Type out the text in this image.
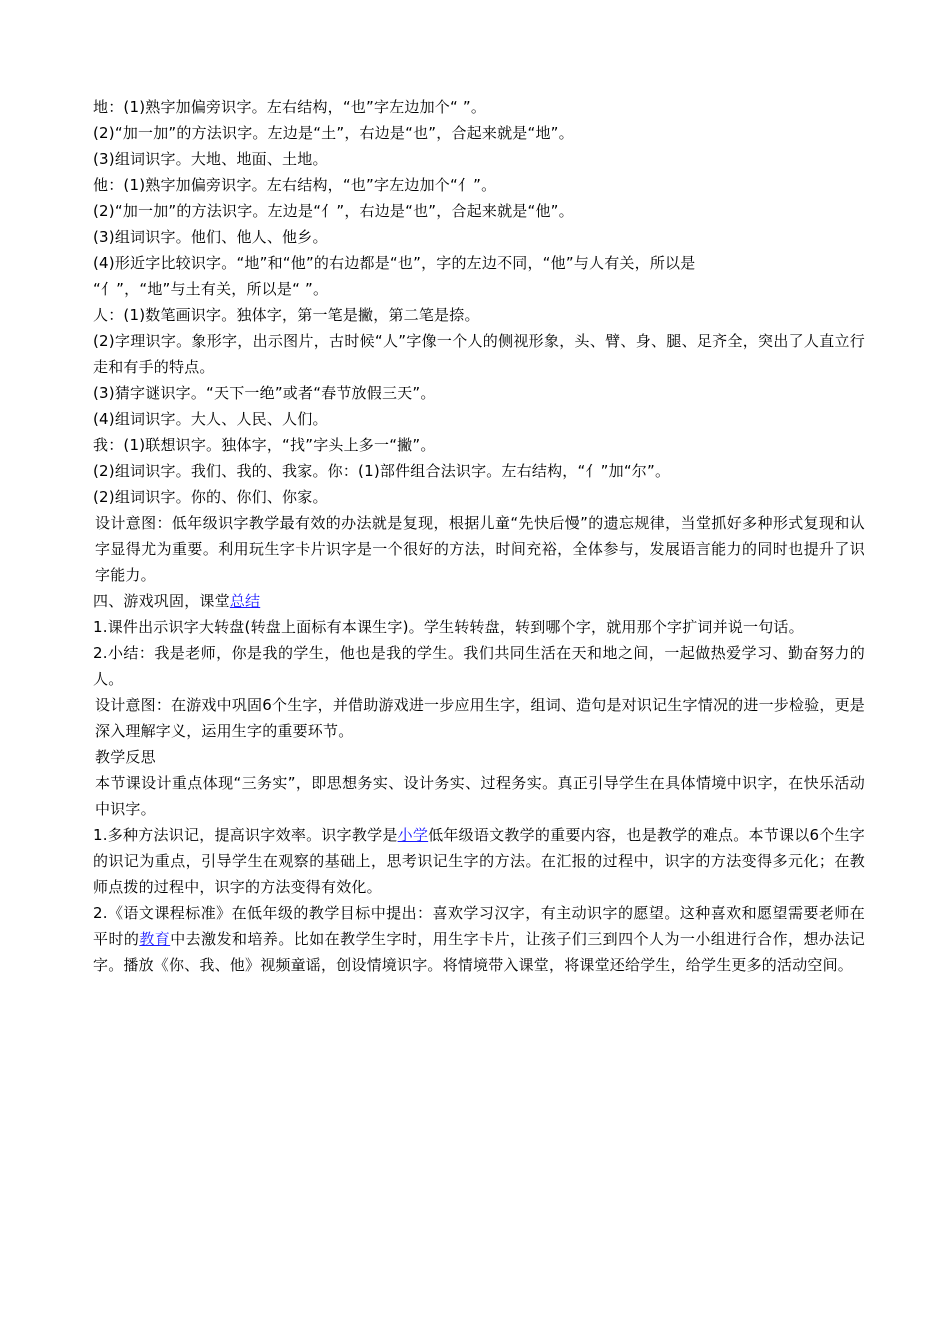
地：(1)熟字加偏旁识字。左右结构，“也”字左边加个“ ”。
(2)“加一加”的方法识字。左边是“土”，右边是“也”，合起来就是“地”。
(3)组词识字。大地、地面、土地。
他：(1)熟字加偏旁识字。左右结构，“也”字左边加个“亻”。
(2)“加一加”的方法识字。左边是“亻”，右边是“也”，合起来就是“他”。
(3)组词识字。他们、他人、他乡。
(4)形近字比较识字。“地”和“他”的右边都是“也”，字的左边不同，“他”与人有关，所以是
“亻”，“地”与土有关，所以是“ ”。
人：(1)数笔画识字。独体字，第一笔是撇，第二笔是捺。
(2)字理识字。象形字，出示图片，古时候“人”字像一个人的侧视形象，头、臂、身、腿、足齐全，突出了人直立行走和有手的特点。
(3)猜字谜识字。“天下一绝”或者“春节放假三天”。
(4)组词识字。大人、人民、人们。
我：(1)联想识字。独体字，“找”字头上多一“撇”。
(2)组词识字。我们、我的、我家。你：(1)部件组合法识字。左右结构，“亻”加“尔”。
(2)组词识字。你的、你们、你家。
设计意图：低年级识字教学最有效的办法就是复现，根据儿童“先快后慢”的遗忘规律，当堂抓好多种形式复现和认字显得尤为重要。利用玩生字卡片识字是一个很好的方法，时间充裕，全体参与，发展语言能力的同时也提升了识字能力。
四、游戏巩固，课堂总结
1.课件出示识字大转盘(转盘上面标有本课生字)。学生转转盘，转到哪个字，就用那个字扩词并说一句话。
2.小结：我是老师，你是我的学生，他也是我的学生。我们共同生活在天和地之间，一起做热爱学习、勤奋努力的人。
设计意图：在游戏中巩固6个生字，并借助游戏进一步应用生字，组词、造句是对识记生字情况的进一步检验，更是深入理解字义，运用生字的重要环节。
教学反思
本节课设计重点体现“三务实”，即思想务实、设计务实、过程务实。真正引导学生在具体情境中识字，在快乐活动中识字。
1.多种方法识记，提高识字效率。识字教学是小学低年级语文教学的重要内容，也是教学的难点。本节课以6个生字的识记为重点，引导学生在观察的基础上，思考识记生字的方法。在汇报的过程中，识字的方法变得多元化；在教师点拨的过程中，识字的方法变得有效化。
2.《语文课程标准》在低年级的教学目标中提出：喜欢学习汉字，有主动识字的愿望。这种喜欢和愿望需要老师在平时的教育中去激发和培养。比如在教学生字时，用生字卡片，让孩子们三到四个人为一小组进行合作，想办法记字。播放《你、我、他》视频童谣，创设情境识字。将情境带入课堂，将课堂还给学生，给学生更多的活动空间。
